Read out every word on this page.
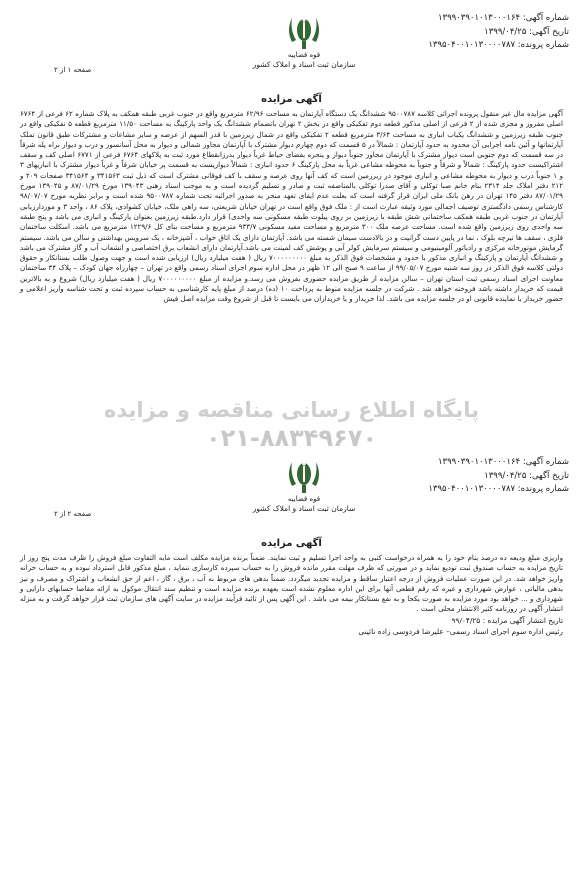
شماره آگهی: ۱۳۹۹۰۳۹۰۱۰۱۳۰۰۰۱۶۴
تاریخ آگهی: ۱۳۹۹/۰۴/۲۵
شماره پرونده: ۱۳۹۵۰۴۰۰۱۰۱۳۰۰۰۰۷۸۷
قوه قضاییه
سازمان ثبت اسناد و املاک کشور
صفحه ۱ از ۲
آگهی مزایده
آگهی مزایده مال غیر منقول پرونده اجرائی کلاسه ۹۵۰۰۷۸۷ ششدانگ یک دستگاه آپارتمان به مساحت ۶۲/۹۶ مترمربع واقع در جنوب غربی طبقه همکف به پلاک شماره ۶۲ فرعی از ۶۷۶۴ اصلی مفروز و مجزی شده از ۲ فرعی از اصلی مذکور قطعه دوم تفکیکی واقع در بخش ۲ تهران بانضمام ششدانگ یک واحد پارکینگ به مساحت ۱۱/۵۰ مترمربع قطعه ۵ تفکیکی واقع در جنوب طبقه زیرزمین و ششدانگ یکباب انباری به مساحت ۳/۶۴ مترمربع قطعه ۲ تفکیکی واقع در شمال زیرزمین با قدر السهم از عرصه و سایر مشاعات و مشترکات طبق قانون تملک آپارتمانها و آئین نامه اجرایی آن محدود به حدود آپارتمان : شمالاً در ۵ قسمت که دوم چهارم دیوار مشترک با آپارتمان مجاور شمالی و دیوار به محل آسانسور و درب و دیوار براه پله شرقاً در سه قسمت که دوم جنوبی است دیوار مشترک با آپارتمان مجاور جنوباً دیوار و پنجره بفضای حیاط غرباً دیوار بدرزانقطاع مورد ثبت به پلاکهای ۶۷۶۴ فرعی از ۶۷۷۱ اصلی کف و سقف اشتراکیست حدود پارکینگ : شمالاً و شرقاً و جنوباً به محوطه مشاعی غرباً به محل پارکینگ ۶ حدود انباری : شمالاً دیواریست به قسمت پر خیابان شرقاً و غرباً دیوار مشترک با انباریهای ۳ و ۱ جنوباً درب و دیوار به محوطه مشاعی و انباری موجود در زیرزمین است که کف آنها روی عرصه و سقف با کف فوقانی مشترک است که ذیل ثبت ۳۴۱۵۶۳ و ۳۴۱۵۶۴ صفحات ۲۰۹ و ۲۱۲ دفتر املاک جلد ۲۳۱۴ بنام خانم صبا توکلی و آقای صدرا توکلی بالمناصفه ثبت و صادر و تسلیم گردیده است و به موجب اسناد رهنی ۱۳۹۰۴۳ مورخ ۸۷/۰۱/۲۹ و ۱۳۹۰۴۵ مورخ ۸۷/۰۱/۲۹ دفتر ۱۴۵ تهران در رهن بانک ملی ایران قرار گرفته است که بعلت عدم ایفای تعهد منجر به صدور اجرائیه تحت شماره ۹۵۰۰۷۸۷ شده است و برابر نظریه مورخ ۹۸/۰۷/۰۷ کارشناس رسمی دادگستری توصیف اجمالی مورد وثیقه عبارت است از : ملک فوق واقع است در تهران خیابان شریعتی، سه راهی ملک، خیابان کشوادی، پلاک ۸۶ ، واحد ۳ و موردارزیابی آپارتمان در جنوب غربی طبقه همکف ساختمانی شش طبقه با زیرزمین بر روی پیلوت طبقه مسکونی سه واحدی) قرار دارد.طبقه زیرزمین بعنوان پارکینگ و انباری می باشد و پنج طبقه سه واحدی روی زیرزمین واقع شده است. مساحت عرصه ملک ۳۰۰ مترمربع و مساحت مفید مسکونی ۹۳۳/۷ مترمربع و مساحت بنای کل ۱۲۲۹/۶ مترمربع می باشد. اسکلت ساختمان فلزی ، سقف ها تیرچه بلوک ، نما در پایین دست گرانیت و در بالادست سیمان شسته می باشد. آپارتمان دارای یک اتاق خواب ، آشپزخانه ، یک سرویس بهداشتی و سالن می باشد. سیستم گرمایش موتورخانه مرکزی و رادیاتور آلومینیومی و سیستم سرمایش کولر آبی و پوشش کف لمینت می باشد.آپارتمان دارای انشعاب برق اختصاصی و انشعاب آب و گاز مشترک می باشد و ششدانگ آپارتمان و پارکینگ و انباری مذکور با حدود و مشخصات فوق الذکر به مبلغ ۷۰۰۰۰۰۰۰۰۰ ریال ( هفت میلیارد ریال) ارزیابی شده است و جهت وصول طلب بستانکار و حقوق دولتی کلاسه فوق الذکر در روز سه شنبه مورخ ۹۹/۰۵/۰۷ از ساعت ۹ صبح الی ۱۲ ظهر در محل اداره سوم اجرای اسناد رسمی واقع در تهران – چهارراه جهان کودک – پلاک ۳۴ ساختمان معاونت اجرای اسناد رسمی ثبت استان تهران – سالن مزایده از طریق مزایده حضوری بفروش می رسد.و مزایده از مبلغ ۷۰۰۰۰۰۰۰۰۰ ریال ( هفت میلیارد ریال) شروع و به بالاترین قیمت که خریدار داشته باشد فروخته خواهد شد . شرکت در جلسه مزایده منوط به پرداخت ۱۰ (ده) درصد از مبلغ پایه کارشناسی به حساب سپرده ثبت و تحت شناسه واریز اعلامی و حضور خریدار یا نماینده قانونی او در جلسه مزایده می باشد. لذا خریدار و یا خریداران می بایست تا قبل از شروع وقت مزایده اصل فیش
پایگاه اطلاع رسانی مناقصه و مزایده
۰۲۱-۸۸۳۴۹۶۷۰
شماره آگهی: ۱۳۹۹۰۳۹۰۱۰۱۳۰۰۰۱۶۴
تاریخ آگهی: ۱۳۹۹/۰۴/۲۵
شماره پرونده: ۱۳۹۵۰۴۰۰۱۰۱۳۰۰۰۰۷۸۷
قوه قضاییه
سازمان ثبت اسناد و املاک کشور
صفحه ۲ از ۲
آگهی مزایده
واریزی مبلغ ودیعه ده درصد بنام خود را به همراه درخواست کتبی به واحد اجرا تسلیم و ثبت نمایند. ضمناً برنده مزایده مکلف است مابه التفاوت مبلغ فروش را ظرف مدت پنج روز از تاریخ مزایده به حساب صندوق ثبت تودیع نماید و در صورتی که ظرف مهلت مقرر مانده فروش را به حساب سپرده کارسازی ننماید ، مبلغ مذکور قابل استرداد نبوده و به حساب خزانه واریز خواهد شد. در این صورت عملیات فروش از درجه اعتبار ساقط و مزایده تجدید میگردد. ضمناً بدهی های مربوط به آب ، برق ، گاز ، اعم از حق انشعاب و اشتراک و مصرف و نیز بدهی مالیاتی ، عوارض شهرداری و غیره که رقم قطعی آنها برای این اداره معلوم نشده است بعهده برنده مزایده است و تنظیم سند انتقال موکول به ارائه مفاصا حسابهای دارایی و شهرداری و ... خواهد بود مورد مزایده به صورت یکجا و به نفع بستانکار بیمه می باشد . این آگهی پس از تائید فرآیند مزایده در سایت آگهی های سازمان ثبت قرار خواهد گرفت و به منزله انتشار آگهی در روزنامه کثیر الانتشار محلی است .
تاریخ انتشار آگهی مزایده : ۹۹/۰۴/۲۵
رئیس اداره سوم اجرای اسناد رسمی– علیرضا فردوسی زاده نائینی
